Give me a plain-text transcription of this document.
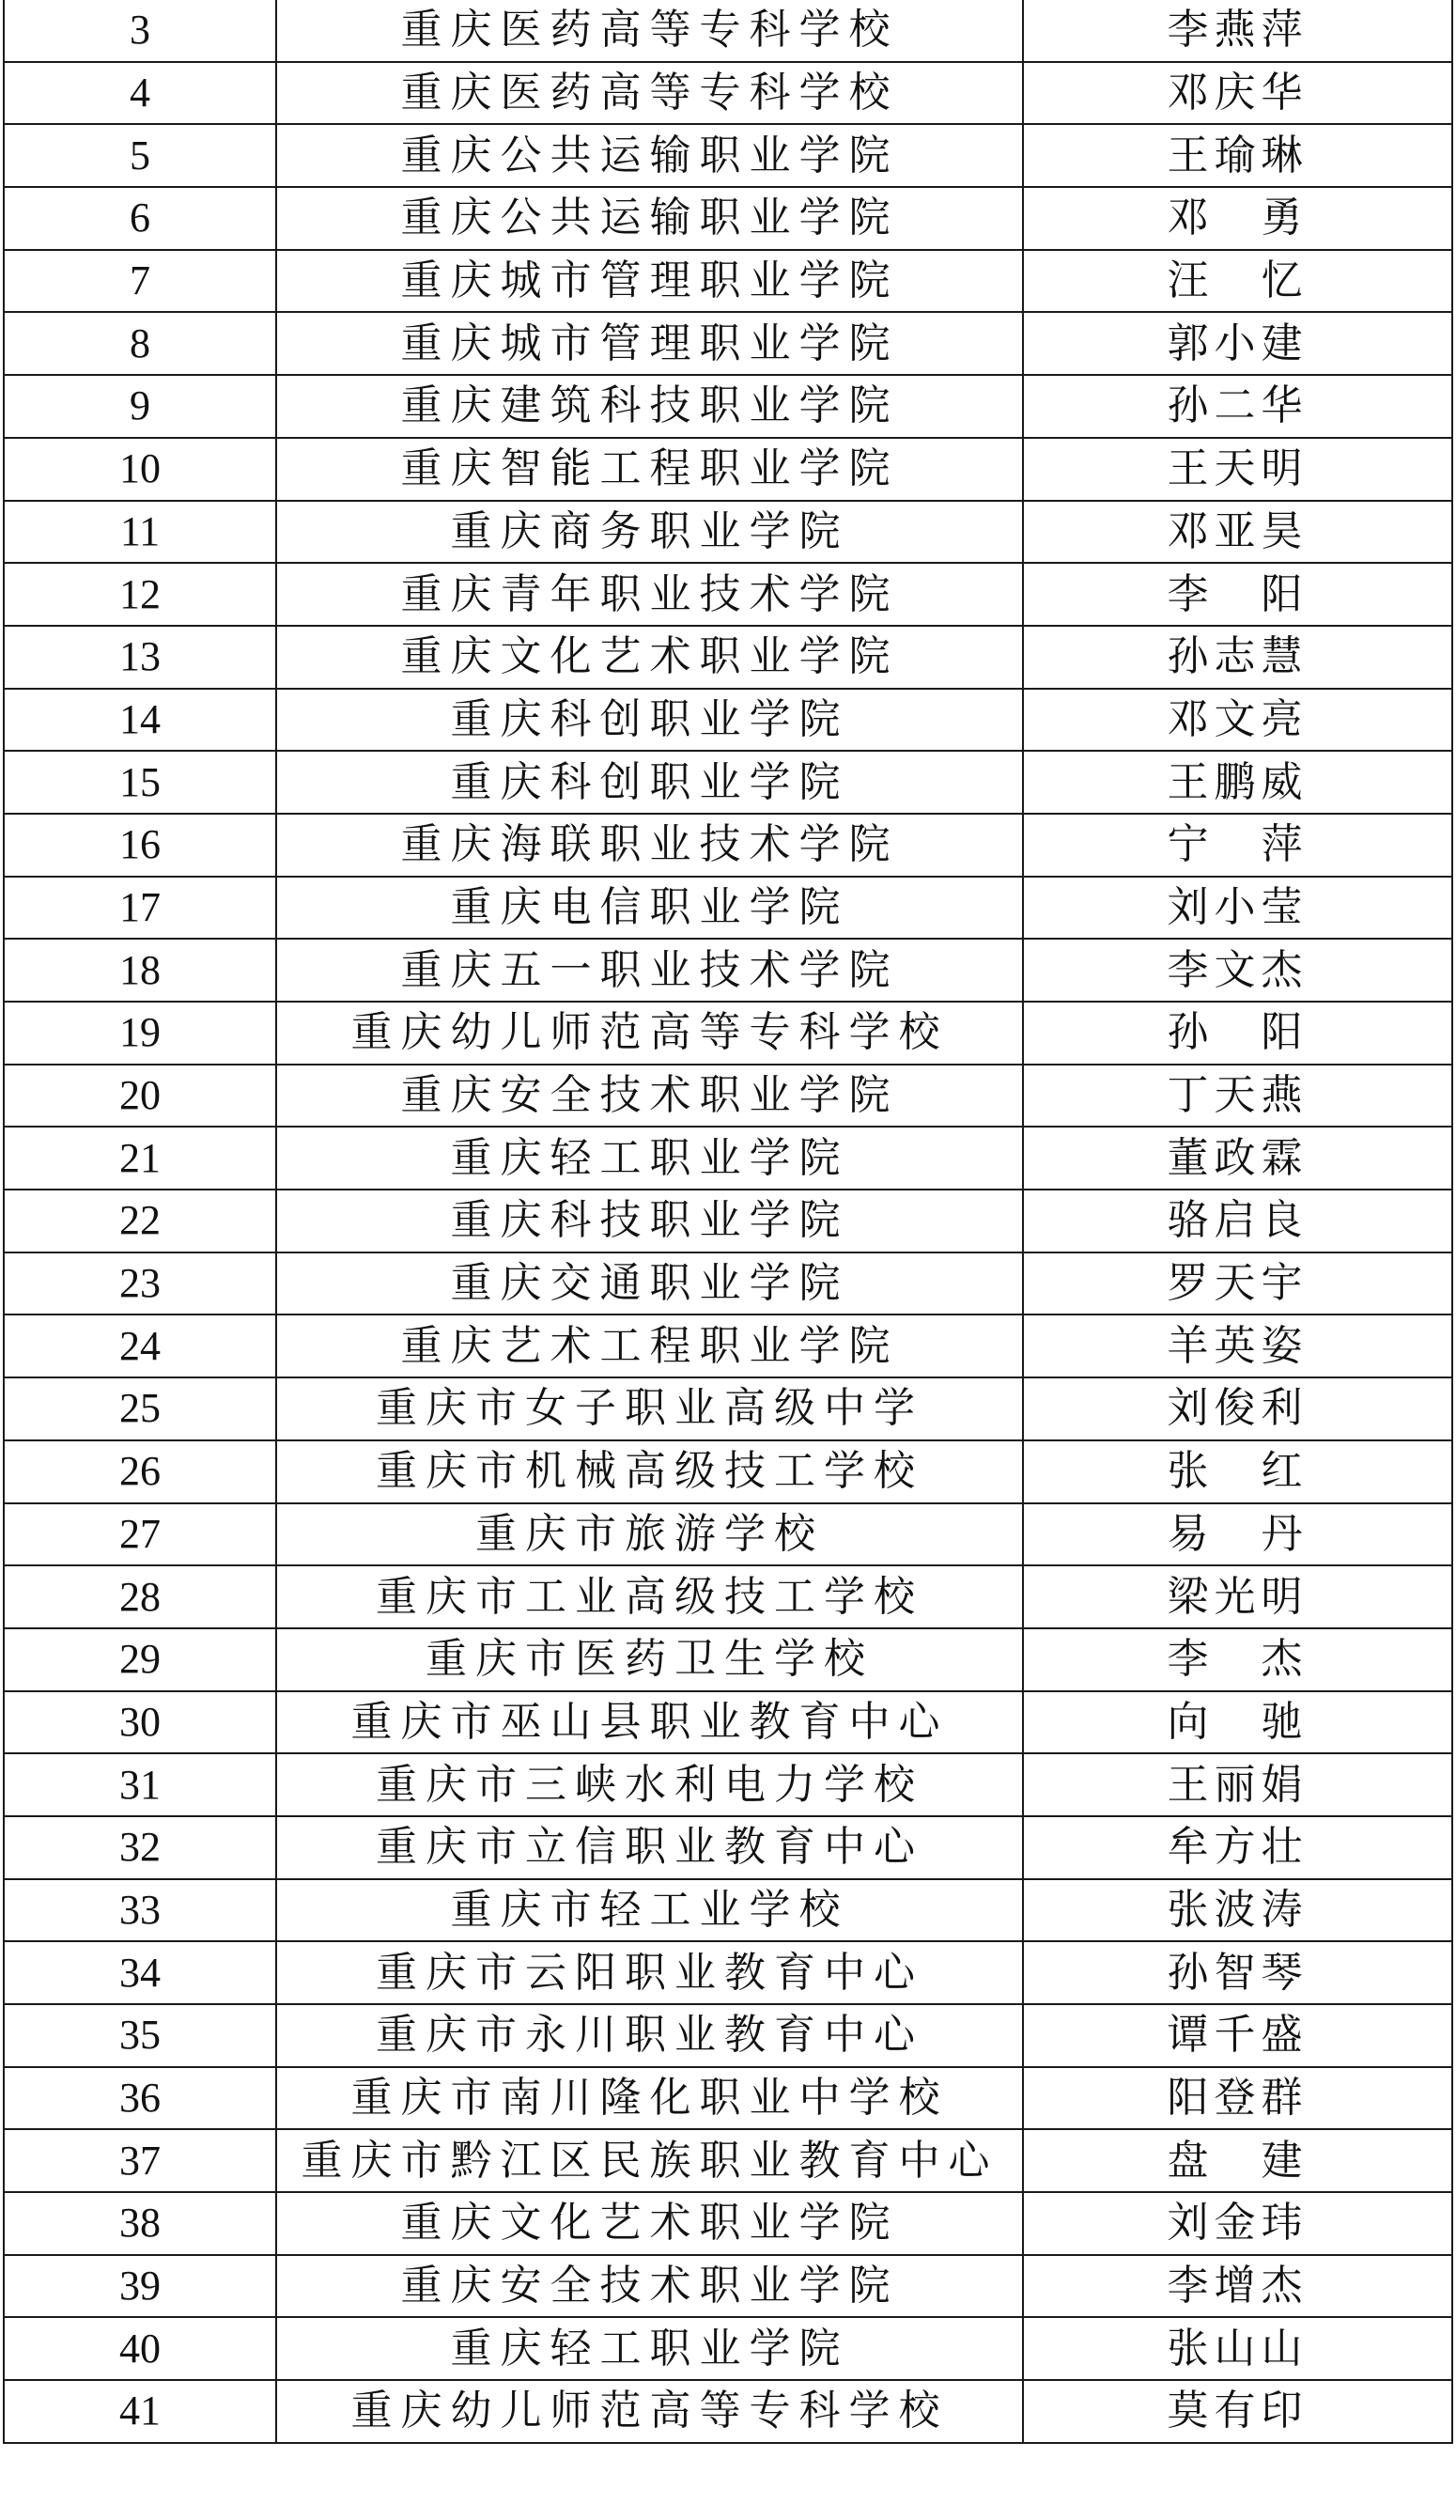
3	重庆医药高等专科学校	李燕萍
4	重庆医药高等专科学校	邓庆华
5	重庆公共运输职业学院	王瑜琳
6	重庆公共运输职业学院	邓　勇
7	重庆城市管理职业学院	汪　忆
8	重庆城市管理职业学院	郭小建
9	重庆建筑科技职业学院	孙二华
10	重庆智能工程职业学院	王天明
11	重庆商务职业学院	邓亚昊
12	重庆青年职业技术学院	李　阳
13	重庆文化艺术职业学院	孙志慧
14	重庆科创职业学院	邓文亮
15	重庆科创职业学院	王鹏威
16	重庆海联职业技术学院	宁　萍
17	重庆电信职业学院	刘小莹
18	重庆五一职业技术学院	李文杰
19	重庆幼儿师范高等专科学校	孙　阳
20	重庆安全技术职业学院	丁天燕
21	重庆轻工职业学院	董政霖
22	重庆科技职业学院	骆启良
23	重庆交通职业学院	罗天宇
24	重庆艺术工程职业学院	羊英姿
25	重庆市女子职业高级中学	刘俊利
26	重庆市机械高级技工学校	张　红
27	重庆市旅游学校	易　丹
28	重庆市工业高级技工学校	梁光明
29	重庆市医药卫生学校	李　杰
30	重庆市巫山县职业教育中心	向　驰
31	重庆市三峡水利电力学校	王丽娟
32	重庆市立信职业教育中心	牟方壮
33	重庆市轻工业学校	张波涛
34	重庆市云阳职业教育中心	孙智琴
35	重庆市永川职业教育中心	谭千盛
36	重庆市南川隆化职业中学校	阳登群
37	重庆市黔江区民族职业教育中心	盘　建
38	重庆文化艺术职业学院	刘金玮
39	重庆安全技术职业学院	李增杰
40	重庆轻工职业学院	张山山
41	重庆幼儿师范高等专科学校	莫有印
